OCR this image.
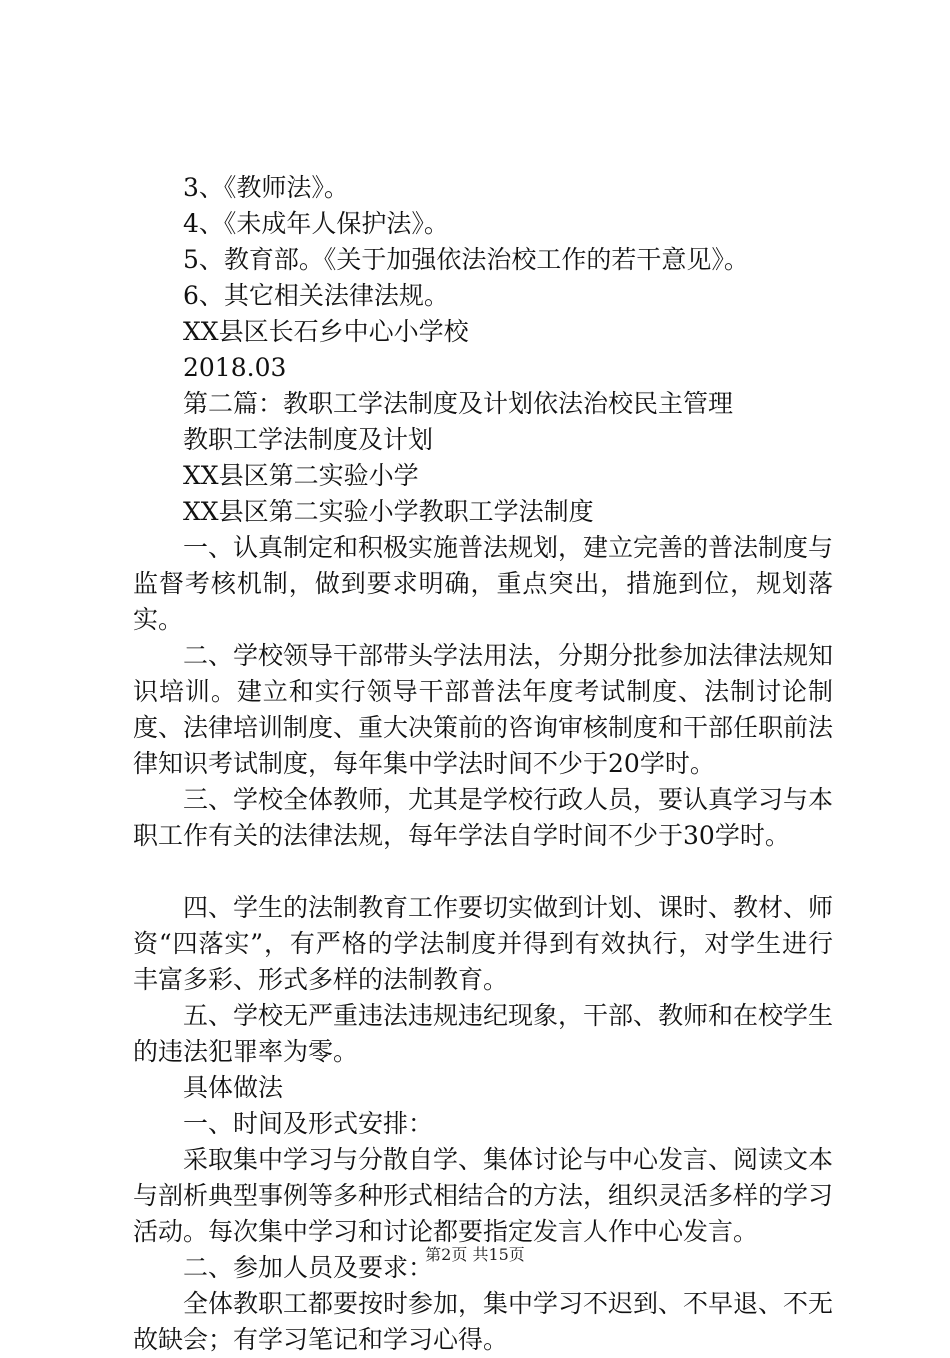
3、《教师法》。
4、《未成年人保护法》。
5、教育部。《关于加强依法治校工作的若干意见》。
6、其它相关法律法规。
XX县区长石乡中心小学校
2018.03
第二篇：教职工学法制度及计划依法治校民主管理
教职工学法制度及计划
XX县区第二实验小学
XX县区第二实验小学教职工学法制度
一、认真制定和积极实施普法规划，建立完善的普法制度与监督考核机制，做到要求明确，重点突出，措施到位，规划落实。
二、学校领导干部带头学法用法，分期分批参加法律法规知识培训。建立和实行领导干部普法年度考试制度、法制讨论制度、法律培训制度、重大决策前的咨询审核制度和干部任职前法律知识考试制度，每年集中学法时间不少于20学时。
三、学校全体教师，尤其是学校行政人员，要认真学习与本职工作有关的法律法规，每年学法自学时间不少于30学时。
四、学生的法制教育工作要切实做到计划、课时、教材、师资“四落实”，有严格的学法制度并得到有效执行，对学生进行丰富多彩、形式多样的法制教育。
五、学校无严重违法违规违纪现象，干部、教师和在校学生的违法犯罪率为零。
具体做法
一、时间及形式安排：
采取集中学习与分散自学、集体讨论与中心发言、阅读文本与剖析典型事例等多种形式相结合的方法，组织灵活多样的学习活动。每次集中学习和讨论都要指定发言人作中心发言。
二、参加人员及要求：
全体教职工都要按时参加，集中学习不迟到、不早退、不无故缺会；有学习笔记和学习心得。
第2页 共15页
